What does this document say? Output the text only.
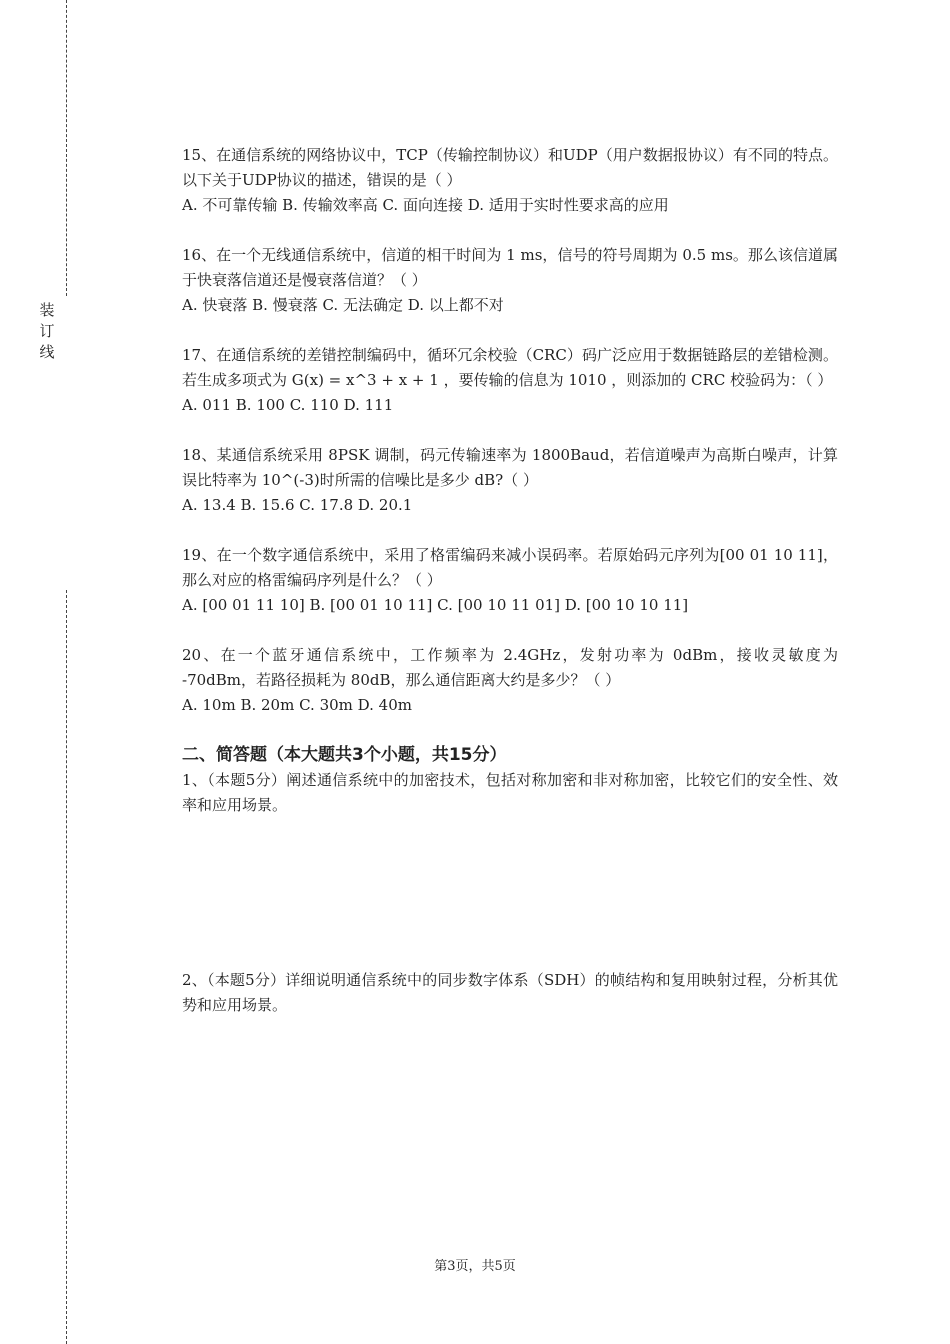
装
订
线
15、在通信系统的网络协议中，TCP（传输控制协议）和UDP（用户数据报协议）有不同的特点。以下关于UDP协议的描述，错误的是（ ）
A. 不可靠传输 B. 传输效率高 C. 面向连接 D. 适用于实时性要求高的应用
16、在一个无线通信系统中，信道的相干时间为 1 ms，信号的符号周期为 0.5 ms。那么该信道属于快衰落信道还是慢衰落信道？（ ）
A. 快衰落 B. 慢衰落 C. 无法确定 D. 以上都不对
17、在通信系统的差错控制编码中，循环冗余校验（CRC）码广泛应用于数据链路层的差错检测。若生成多项式为 G(x) = x^3 + x + 1 ，要传输的信息为 1010 ，则添加的 CRC 校验码为：（ ）
A. 011 B. 100 C. 110 D. 111
18、某通信系统采用 8PSK 调制，码元传输速率为 1800Baud，若信道噪声为高斯白噪声，计算误比特率为 10^(-3)时所需的信噪比是多少 dB?（ ）
A. 13.4 B. 15.6 C. 17.8 D. 20.1
19、在一个数字通信系统中，采用了格雷编码来减小误码率。若原始码元序列为[00 01 10 11]，那么对应的格雷编码序列是什么？（ ）
A. [00 01 11 10] B. [00 01 10 11] C. [00 10 11 01] D. [00 10 10 11]
20、在一个蓝牙通信系统中，工作频率为 2.4GHz，发射功率为 0dBm，接收灵敏度为 -70dBm，若路径损耗为 80dB，那么通信距离大约是多少？（ ）
A. 10m B. 20m C. 30m D. 40m
二、简答题（本大题共3个小题，共15分）
1、（本题5分）阐述通信系统中的加密技术，包括对称加密和非对称加密，比较它们的安全性、效率和应用场景。
2、（本题5分）详细说明通信系统中的同步数字体系（SDH）的帧结构和复用映射过程，分析其优势和应用场景。
第3页，共5页
